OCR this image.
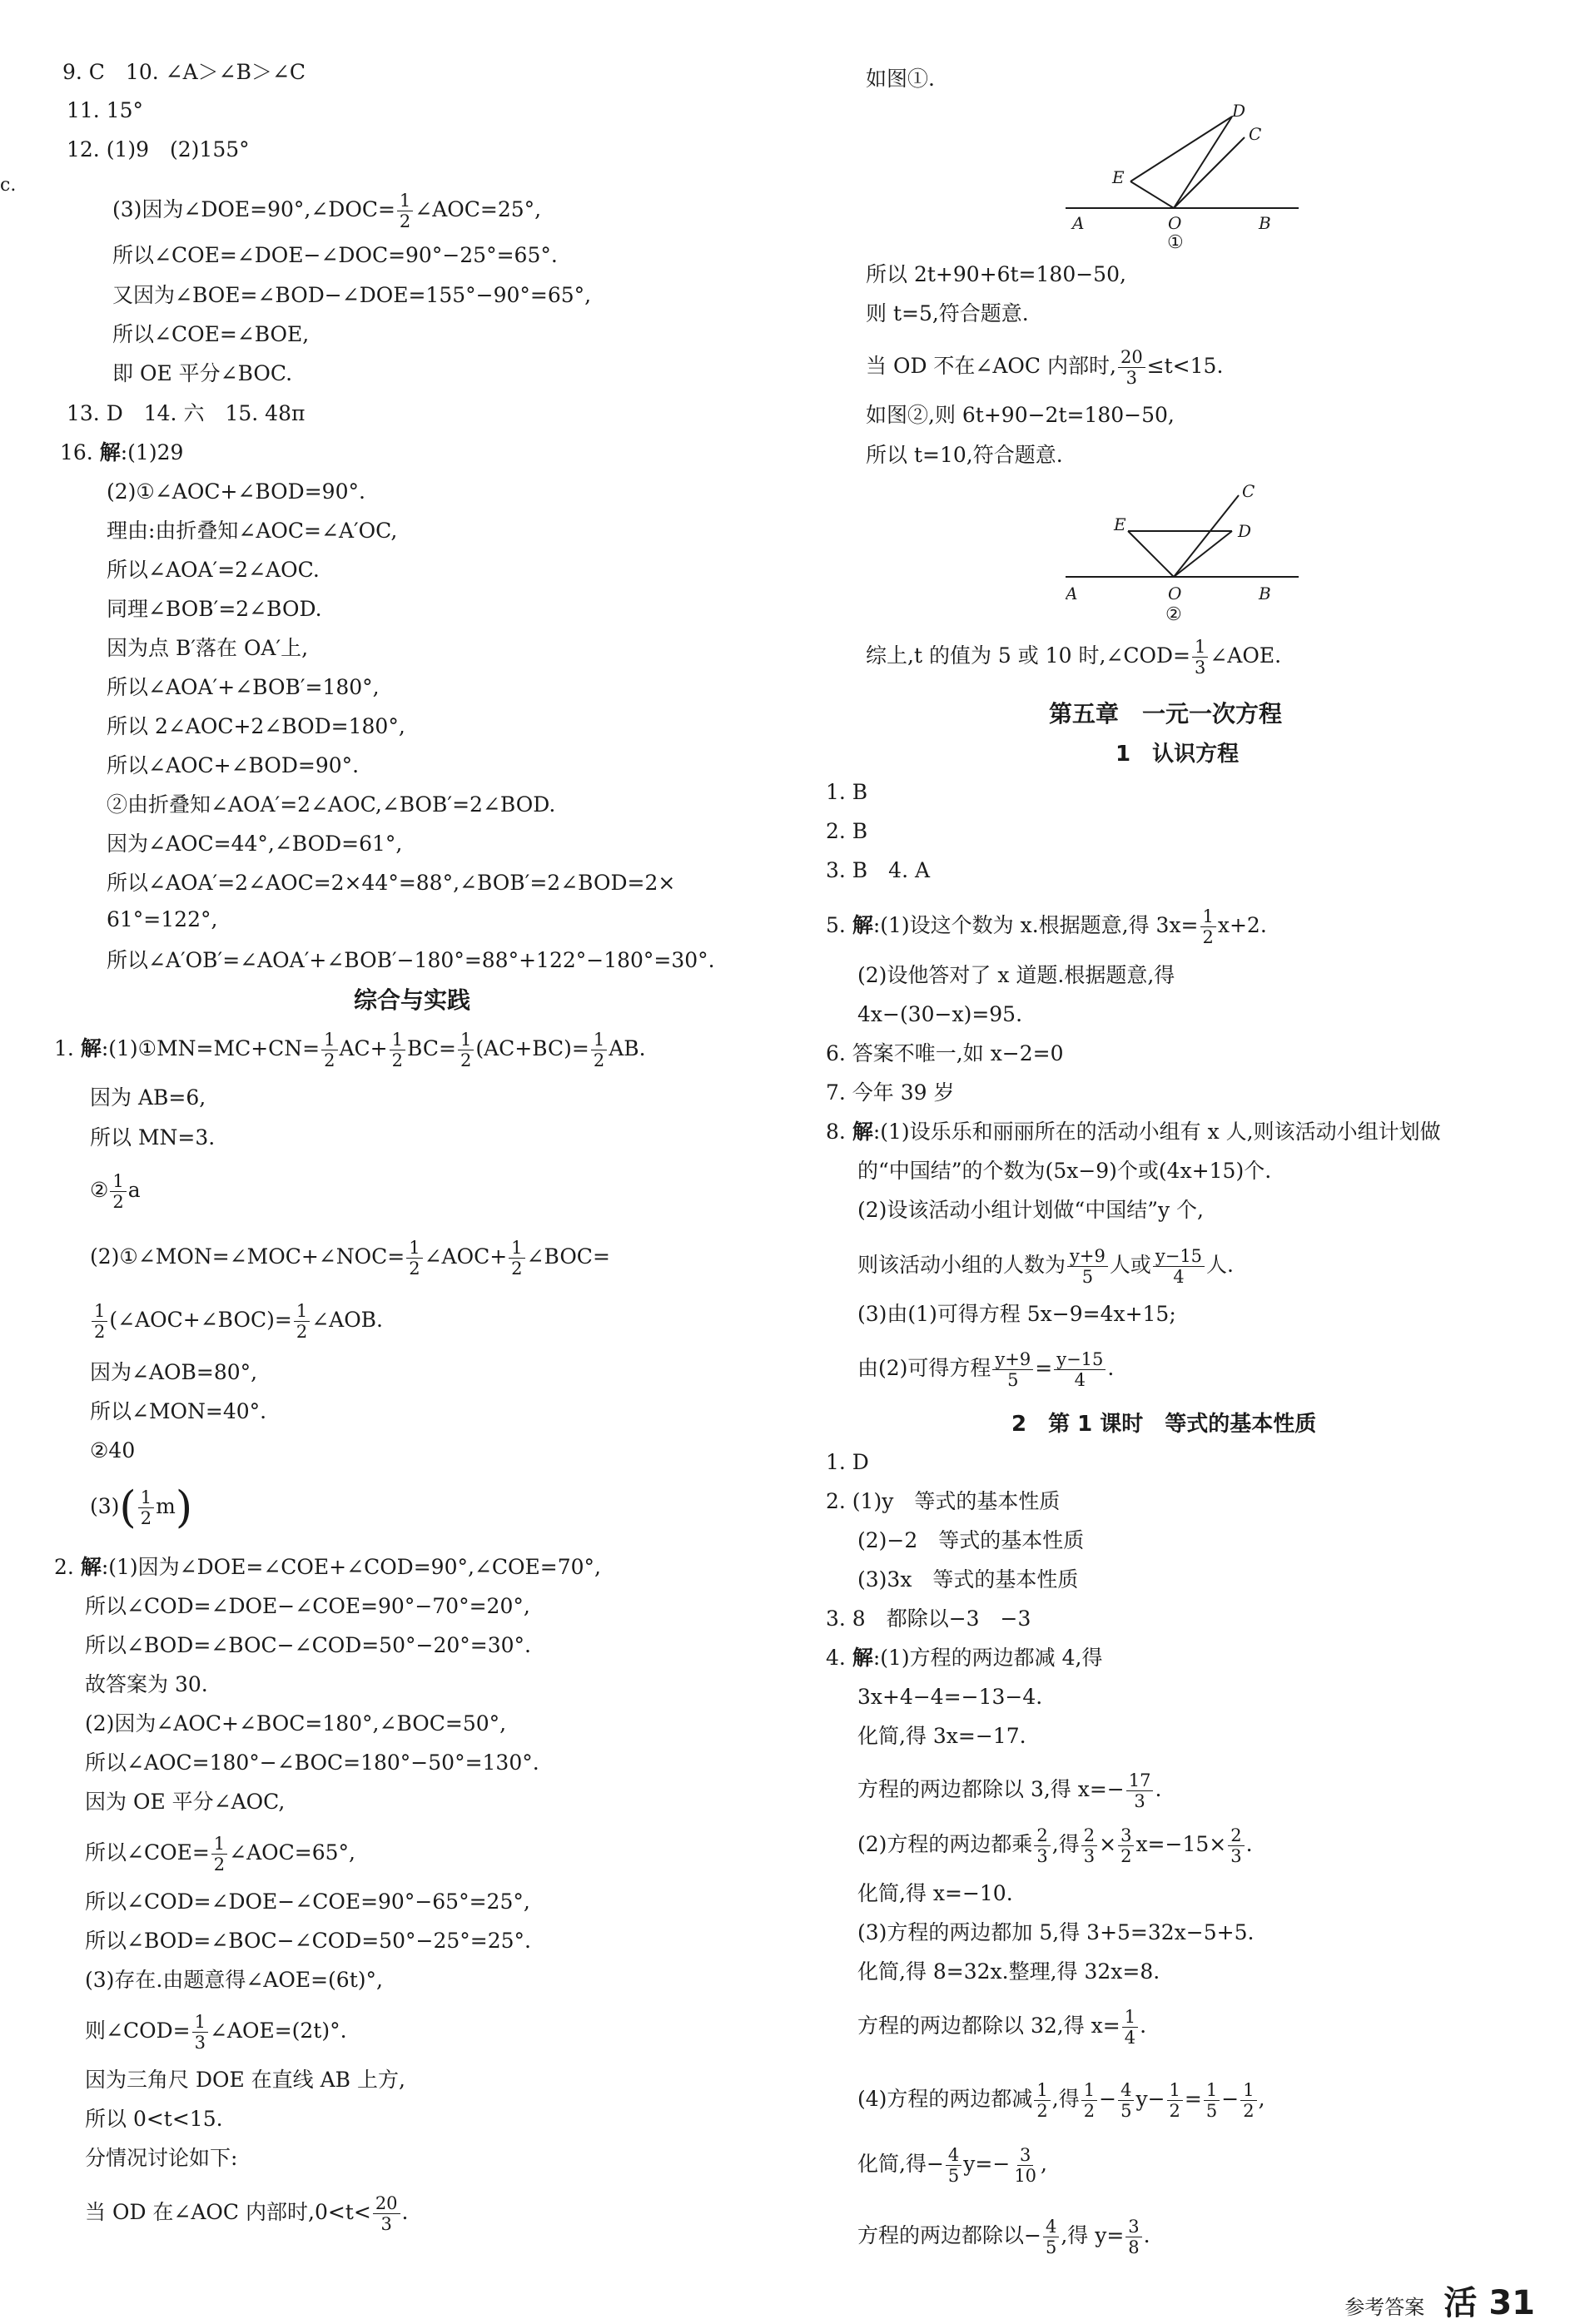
c.
9. C　10. ∠A＞∠B＞∠C
11. 15°
12. (1)9　(2)155°
(3)因为∠DOE=90°,∠DOC= $\frac{1}{2}$ ∠AOC=25°,
所以∠COE=∠DOE−∠DOC=90°−25°=65°.
又因为∠BOE=∠BOD−∠DOE=155°−90°=65°,
所以∠COE=∠BOE,
即 OE 平分∠BOC.
13. D　14. 六　15. 48π
16. 解:(1)29
(2)①∠AOC+∠BOD=90°.
理由:由折叠知∠AOC=∠A′OC,
所以∠AOA′=2∠AOC.
同理∠BOB′=2∠BOD.
因为点 B′落在 OA′上,
所以∠AOA′+∠BOB′=180°,
所以 2∠AOC+2∠BOD=180°,
所以∠AOC+∠BOD=90°.
②由折叠知∠AOA′=2∠AOC,∠BOB′=2∠BOD.
因为∠AOC=44°,∠BOD=61°,
所以∠AOA′=2∠AOC=2×44°=88°,∠BOB′=2∠BOD=2×
61°=122°,
所以∠A′OB′=∠AOA′+∠BOB′−180°=88°+122°−180°=30°.
综合与实践
1. 解:(1)①MN=MC+CN= $\frac{1}{2} AC+ \frac{1}{2} BC= \frac{1}{2} (AC+BC)= \frac{1}{2}$ AB.
因为 AB=6,
所以 MN=3.
② $\frac{1}{2}$ a
(2)①∠MON=∠MOC+∠NOC= $\frac{1}{2}$ ∠AOC+ $\frac{1}{2}$ ∠BOC=
$\frac{1}{2}$ (∠AOC+∠BOC)= $\frac{1}{2}$ ∠AOB.
因为∠AOB=80°,
所以∠MON=40°.
②40
$(3)( \frac{1}{2} m)$
2. 解:(1)因为∠DOE=∠COE+∠COD=90°,∠COE=70°,
所以∠COD=∠DOE−∠COE=90°−70°=20°,
所以∠BOD=∠BOC−∠COD=50°−20°=30°.
故答案为 30.
(2)因为∠AOC+∠BOC=180°,∠BOC=50°,
所以∠AOC=180°−∠BOC=180°−50°=130°.
因为 OE 平分∠AOC,
所以∠COE= $\frac{1}{2}$ ∠AOC=65°,
所以∠COD=∠DOE−∠COE=90°−65°=25°,
所以∠BOD=∠BOC−∠COD=50°−25°=25°.
(3)存在.由题意得∠AOE=(6t)°,
则∠COD= $\frac{1}{3}$ ∠AOE=(2t)°.
因为三角尺 DOE 在直线 AB 上方,
所以 0<t<15.
分情况讨论如下:
当 OD 在∠AOC 内部时$,0<t< \frac{20}{3}$ .
如图①.
A	O	B
D
C
E
①
所以 2t+90+6t=180−50,
则 t=5,符合题意.
当 OD 不在∠AOC 内部时, $\frac{20}{3} \le t<15$.
如图②,则 6t+90−2t=180−50,
所以 t=10,符合题意.
A	O	B
C
D
E
②
综上,t 的值为 5 或 10 时,∠COD= $\frac{1}{3}$ ∠AOE.
第五章　一元一次方程
1　认识方程
1. B
2. B
3. B　4. A
5. 解:(1)设这个数为 x.根据题意,得 $3x= \frac{1}{2} x+2$.
(2)设他答对了 x 道题.根据题意,得
4x−(30−x)=95.
6. 答案不唯一,如 x−2=0
7. 今年 39 岁
8. 解:(1)设乐乐和丽丽所在的活动小组有 x 人,则该活动小组计划做
的“中国结”的个数为(5x−9)个或(4x+15)个.
(2)设该活动小组计划做“中国结”y 个,
则该活动小组的人数为 $\frac{y+9}{5}$ 人或 $\frac{y-15}{4}$ 人.
(3)由(1)可得方程 5x−9=4x+15;
由(2)可得方程 $\frac{y+9}{5} = \frac{y-15}{4}$ .
2　第 1 课时　等式的基本性质
1. D
2. (1)y　等式的基本性质
(2)−2　等式的基本性质
(3)3x　等式的基本性质
3. 8　都除以−3　−3
4. 解:(1)方程的两边都减 4,得
3x+4−4=−13−4.
化简,得 3x=−17.
方程的两边都除以 3,得 $x=- \frac{17}{3}$ .
(2)方程的两边都乘 $\frac{2}{3}$ ,得 $\frac{2}{3} \times \frac{3}{2} x=-15\times \frac{2}{3}$ .
化简,得 x=−10.
(3)方程的两边都加 5,得 3+5=32x−5+5.
化简,得 8=32x.整理,得 32x=8.
方程的两边都除以 32,得 $x= \frac{1}{4}$ .
(4)方程的两边都减 $\frac{1}{2}$ ,得 $\frac{1}{2} - \frac{4}{5} y- \frac{1}{2} = \frac{1}{5} - \frac{1}{2}$ ,
化简,得− $\frac{4}{5} y=- \frac{3}{10}$ ,
方程的两边都除以− $\frac{4}{5}$ ,得 $y= \frac{3}{8}$ .
参考答案 活 31
